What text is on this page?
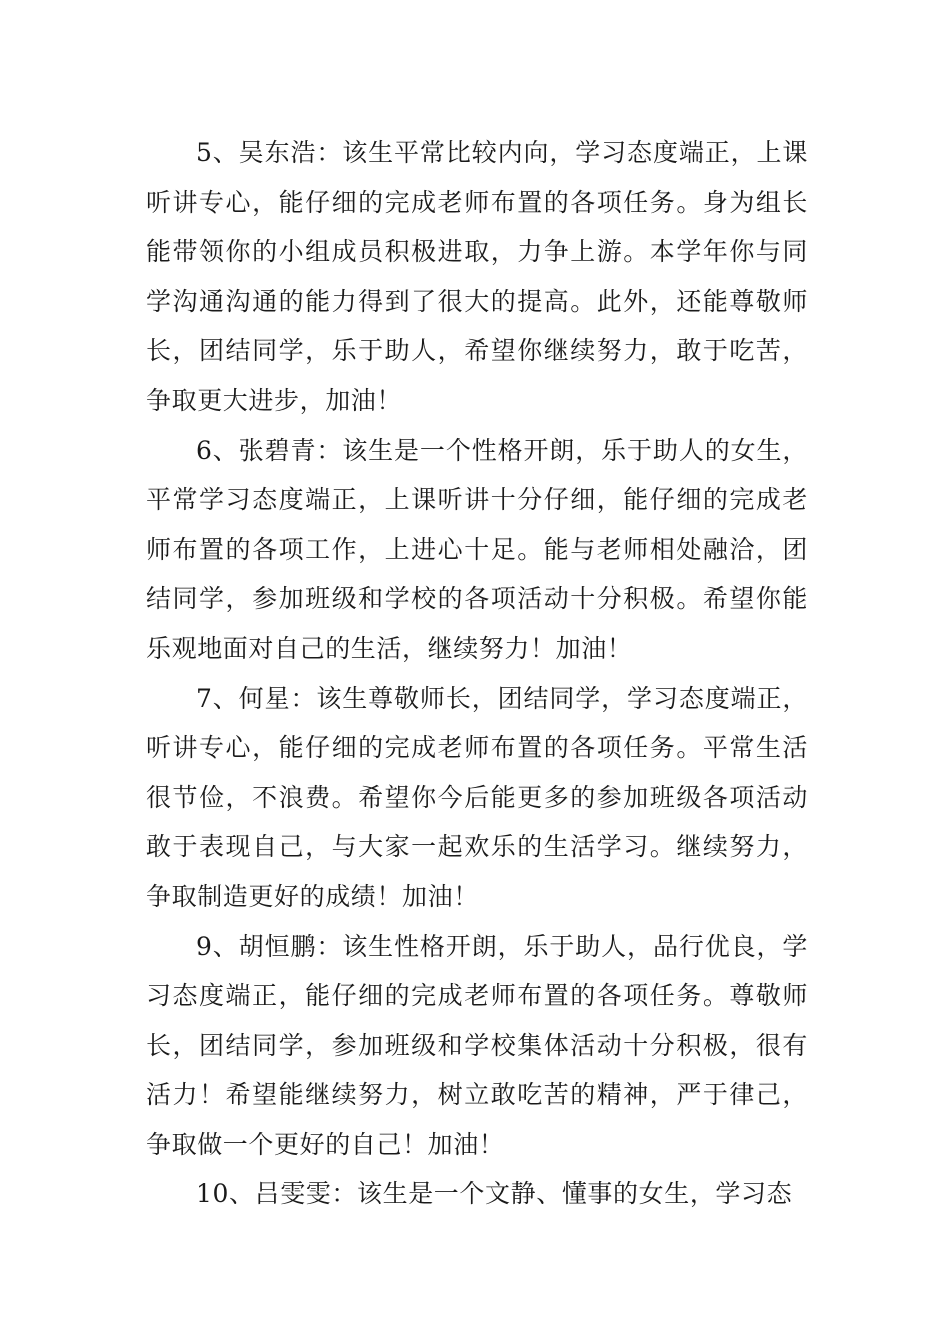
5、吴东浩：该生平常比较内向，学习态度端正，上课听讲专心，能仔细的完成老师布置的各项任务。身为组长能带领你的小组成员积极进取，力争上游。本学年你与同学沟通沟通的能力得到了很大的提高。此外，还能尊敬师长，团结同学，乐于助人，希望你继续努力，敢于吃苦，争取更大进步，加油！

6、张碧青：该生是一个性格开朗，乐于助人的女生，平常学习态度端正，上课听讲十分仔细，能仔细的完成老师布置的各项工作，上进心十足。能与老师相处融洽，团结同学，参加班级和学校的各项活动十分积极。希望你能乐观地面对自己的生活，继续努力！加油！

7、何星：该生尊敬师长，团结同学，学习态度端正，听讲专心，能仔细的完成老师布置的各项任务。平常生活很节俭，不浪费。希望你今后能更多的参加班级各项活动敢于表现自己，与大家一起欢乐的生活学习。继续努力，争取制造更好的成绩！加油！

9、胡恒鹏：该生性格开朗，乐于助人，品行优良，学习态度端正，能仔细的完成老师布置的各项任务。尊敬师长，团结同学，参加班级和学校集体活动十分积极，很有活力！希望能继续努力，树立敢吃苦的精神，严于律己，争取做一个更好的自己！加油！

10、吕雯雯：该生是一个文静、懂事的女生，学习态
